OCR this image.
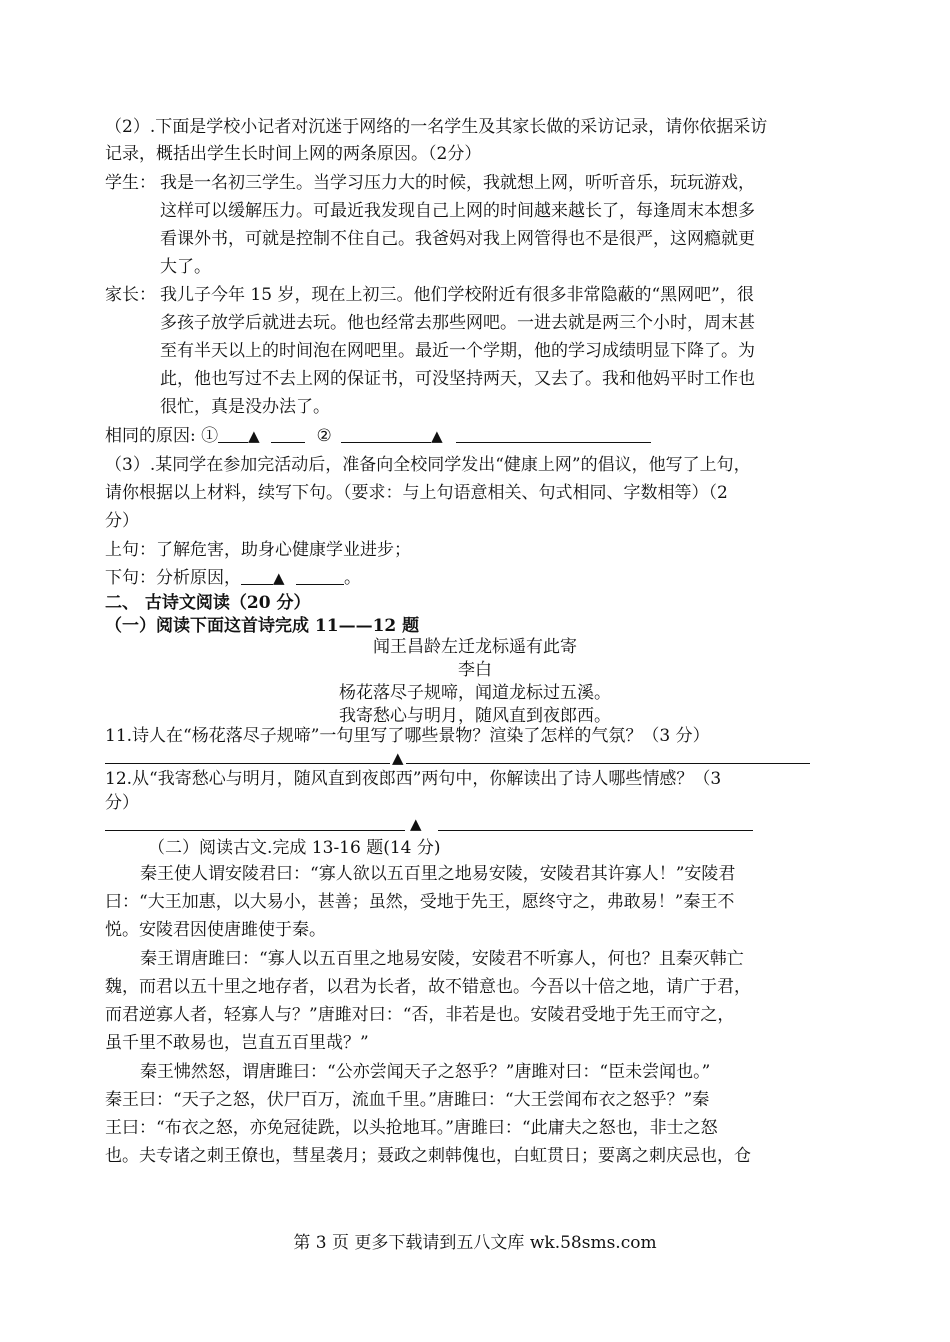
（2）.下面是学校小记者对沉迷于网络的一名学生及其家长做的采访记录，请你依据采访
记录，概括出学生长时间上网的两条原因。（2分）
学生： 我是一名初三学生。当学习压力大的时候，我就想上网，听听音乐，玩玩游戏，
这样可以缓解压力。可最近我发现自己上网的时间越来越长了，每逢周末本想多
看课外书，可就是控制不住自己。我爸妈对我上网管得也不是很严，这网瘾就更
大了。
家长： 我儿子今年 15 岁，现在上初三。他们学校附近有很多非常隐蔽的“黑网吧”，很
多孩子放学后就进去玩。他也经常去那些网吧。一进去就是两三个小时，周末甚
至有半天以上的时间泡在网吧里。最近一个学期，他的学习成绩明显下降了。为
此，他也写过不去上网的保证书，可没坚持两天，又去了。我和他妈平时工作也
很忙，真是没办法了。
相同的原因: ① ▲	②	▲
（3）.某同学在参加完活动后，准备向全校同学发出“健康上网”的倡议，他写了上句，
请你根据以上材料，续写下句。（要求：与上句语意相关、句式相同、字数相等）（2
分）
上句：了解危害，助身心健康学业进步；
下句：分析原因， ▲	。
二、 古诗文阅读（20 分）
（一）阅读下面这首诗完成 11——12 题
闻王昌龄左迁龙标遥有此寄
李白
杨花落尽子规啼，闻道龙标过五溪。
我寄愁心与明月，随风直到夜郎西。
11.诗人在“杨花落尽子规啼”一句里写了哪些景物？渲染了怎样的气氛？（3 分）
▲
12.从“我寄愁心与明月，随风直到夜郎西”两句中，你解读出了诗人哪些情感？（3
分）
▲
（二）阅读古文.完成 13-16 题(14 分)
秦王使人谓安陵君曰：“寡人欲以五百里之地易安陵，安陵君其许寡人！”安陵君
曰：“大王加惠，以大易小，甚善；虽然，受地于先王，愿终守之，弗敢易！”秦王不
悦。安陵君因使唐雎使于秦。
秦王谓唐雎曰：“寡人以五百里之地易安陵，安陵君不听寡人，何也？且秦灭韩亡
魏，而君以五十里之地存者，以君为长者，故不错意也。今吾以十倍之地，请广于君，
而君逆寡人者，轻寡人与？”唐雎对曰：“否，非若是也。安陵君受地于先王而守之，
虽千里不敢易也，岂直五百里哉？”
秦王怫然怒，谓唐雎曰：“公亦尝闻天子之怒乎？”唐雎对曰：“臣未尝闻也。”
秦王曰：“天子之怒，伏尸百万，流血千里。”唐雎曰：“大王尝闻布衣之怒乎？”秦
王曰：“布衣之怒，亦免冠徒跣，以头抢地耳。”唐雎曰：“此庸夫之怒也，非士之怒
也。夫专诸之刺王僚也，彗星袭月；聂政之刺韩傀也，白虹贯日；要离之刺庆忌也，仓
第 3 页 更多下载请到五八文库 wk.58sms.com
